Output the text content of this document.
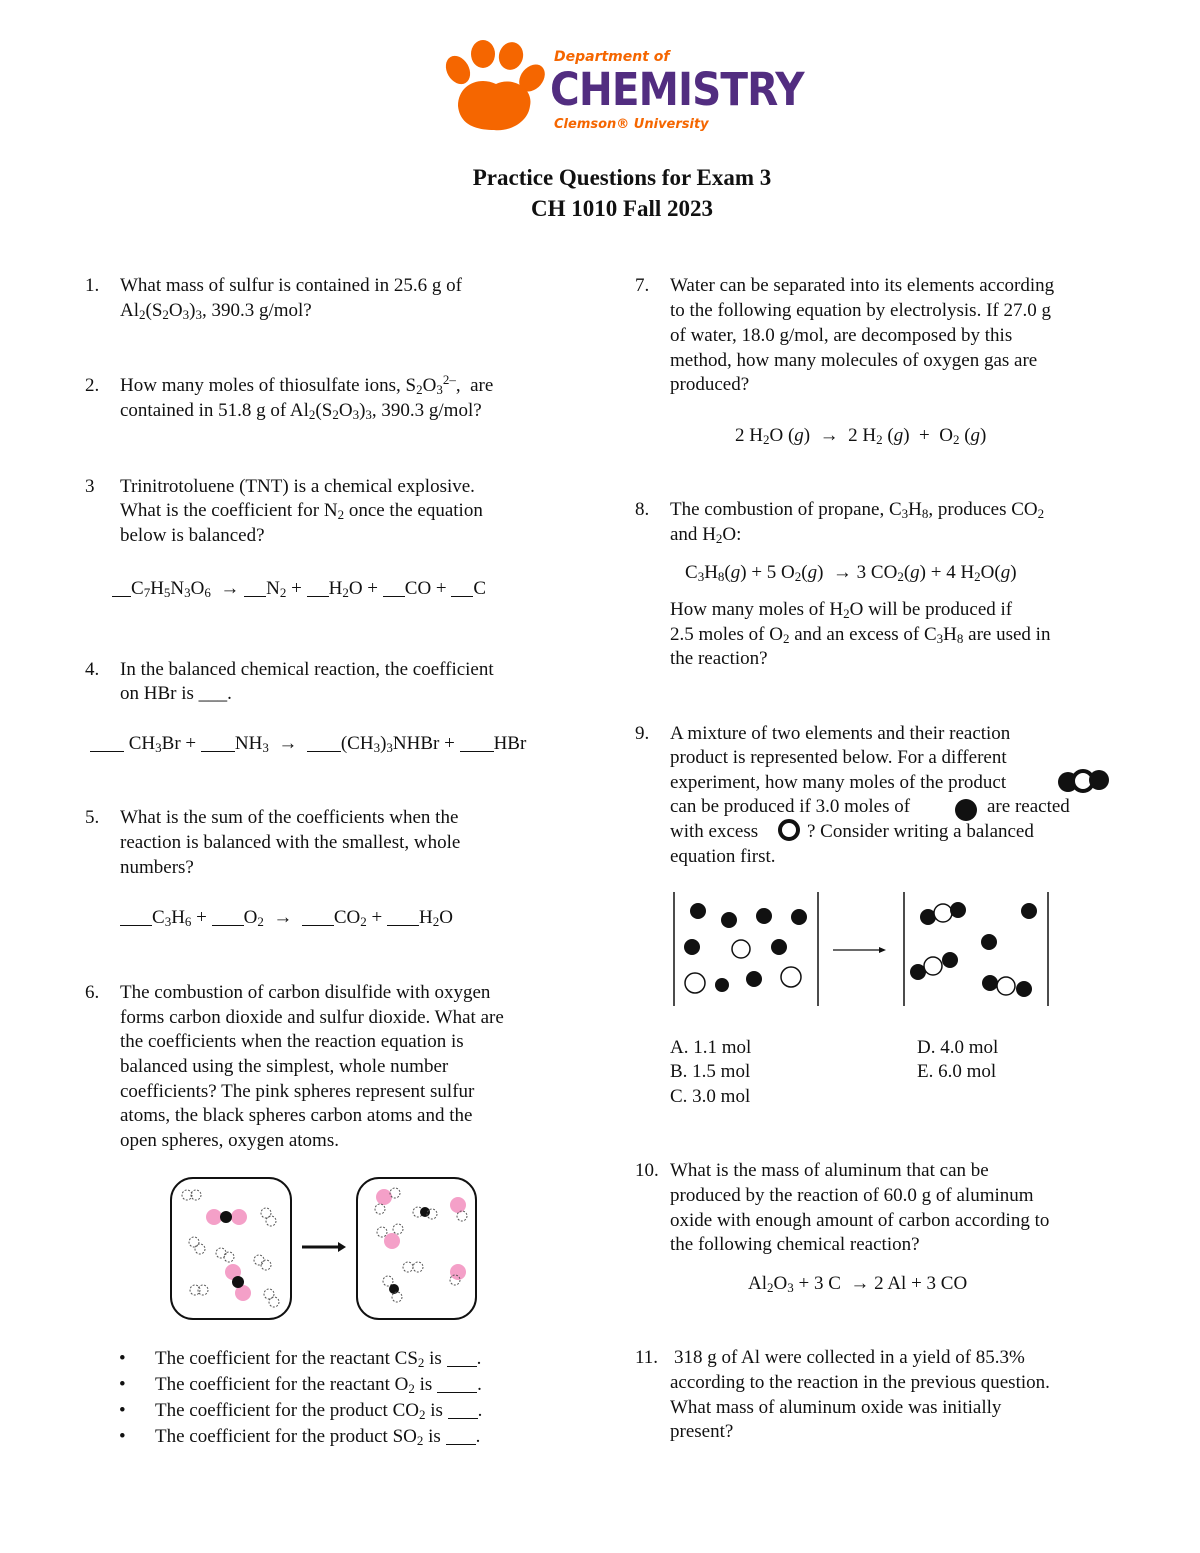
Department of
CHEMISTRY
Clemson® University
Practice Questions for Exam 3
CH 1010 Fall 2023
1. What mass of sulfur is contained in 25.6 g of
$Al_2(S_2O_3)_3$, 390.3 g/mol?
2. How many moles of thiosulfate ions, $S_2O_3^{2-}$,  are
contained in 51.8 g of $Al_2(S_2O_3)_3$, 390.3 g/mol?
3 Trinitrotoluene (TNT) is a chemical explosive.
What is the coefficient for $N_2$ once the equation
below is balanced?
$C_7H_5N_3O_6 \to N_2 + H_2O$ + CO + C
4. In the balanced chemical reaction, the coefficient
on HBr is ___.
$CH_3Br + NH_3$  →  $(CH_3)_3NHBr$ + HBr
5. What is the sum of the coefficients when the
reaction is balanced with the smallest, whole
numbers?
$C_3H_6 + O_2 \to CO_2 + H_2O$
6. The combustion of carbon disulfide with oxygen
forms carbon dioxide and sulfur dioxide. What are
the coefficients when the reaction equation is
balanced using the simplest, whole number
coefficients? The pink spheres represent sulfur
atoms, the black spheres carbon atoms and the
open spheres, oxygen atoms.
• The coefficient for the reactant $CS_2$ is .
• The coefficient for the reactant $O_2$ is .
• The coefficient for the product $CO_2$ is .
• The coefficient for the product $SO_2$ is .
7. Water can be separated into its elements according
to the following equation by electrolysis. If 27.0 g
of water, 18.0 g/mol, are decomposed by this
method, how many molecules of oxygen gas are
produced?
2 $H_2O$ (g)  →  2 $H_2$ $(g) + O_2$ (g)
8. The combustion of propane, $C_3H_8$, produces $CO_2$
and $H_2O$:
$C_3H_8(g) + 5$ $O_2(g) \to 3$ $CO_2(g) + 4$ $H_2O(g)$
How many moles of $H_2O$ will be produced if
2.5 moles of $O_2$ and an excess of $C_3H_8$ are used in
the reaction?
9. A mixture of two elements and their reaction
product is represented below. For a different
experiment, how many moles of the product
can be produced if 3.0 moles of	are reacted
with excess	? Consider writing a balanced
equation first.
A. 1.1 mol
B. 1.5 mol
C. 3.0 mol
D. 4.0 mol
E. 6.0 mol
10. What is the mass of aluminum that can be
produced by the reaction of 60.0 g of aluminum
oxide with enough amount of carbon according to
the following chemical reaction?
$Al_2O_3 + 3$ C  → 2 Al + 3 CO
11. 318 g of Al were collected in a yield of 85.3%
according to the reaction in the previous question.
What mass of aluminum oxide was initially
present?
